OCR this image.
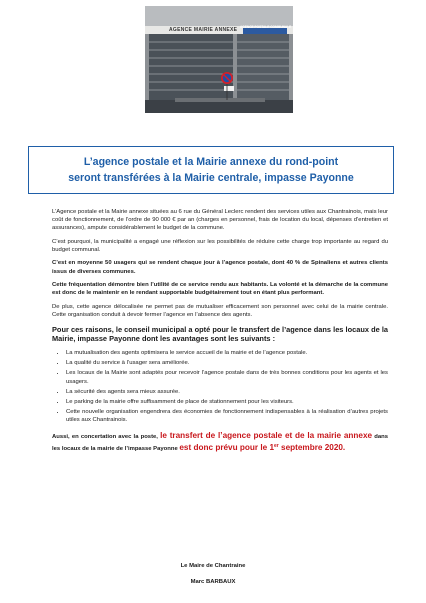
AGENCE MAIRIE ANNEXE AGENCE POSTALE COMMUNALE
L’agence postale et la Mairie annexe du rond-point
seront transférées à la Mairie centrale, impasse Payonne

L’Agence postale et la Mairie annexe situées au 6 rue du Général Leclerc rendent des services utiles aux Chantrainois, mais leur coût de fonctionnement, de l’ordre de 90 000 € par an (charges en personnel, frais de location du local, dépenses d’entretien et assurances), ampute considérablement le budget de la commune.

C’est pourquoi, la municipalité a engagé une réflexion sur les possibilités de réduire cette charge trop importante au regard du budget communal.

C’est en moyenne 50 usagers qui se rendent chaque jour à l’agence postale, dont 40 % de Spinaliens et autres clients issus de diverses communes.

Cette fréquentation démontre bien l’utilité de ce service rendu aux habitants. La volonté et la démarche de la commune est donc de le maintenir en le rendant supportable budgétairement tout en étant plus performant.

De plus, cette agence délocalisée ne permet pas de mutualiser efficacement son personnel avec celui de la mairie centrale. Cette organisation conduit à devoir fermer l’agence en l’absence des agents.

Pour ces raisons, le conseil municipal a opté pour le transfert de l’agence dans les locaux de la Mairie, impasse Payonne dont les avantages sont les suivants :

• La mutualisation des agents optimisera le service accueil de la mairie et de l’agence postale.
• La qualité du service à l’usager sera améliorée.
• Les locaux de la Mairie sont adaptés pour recevoir l’agence postale dans de très bonnes conditions pour les agents et les usagers.
• La sécurité des agents sera mieux assurée.
• Le parking de la mairie offre suffisamment de place de stationnement pour les visiteurs.
• Cette nouvelle organisation engendrera des économies de fonctionnement indispensables à la réalisation d’autres projets utiles aux Chantrainois.

Aussi, en concertation avec la poste, le transfert de l’agence postale et de la mairie annexe dans les locaux de la mairie de l’impasse Payonne est donc prévu pour le 1er septembre 2020.

Le Maire de Chantraine
Marc BARBAUX
